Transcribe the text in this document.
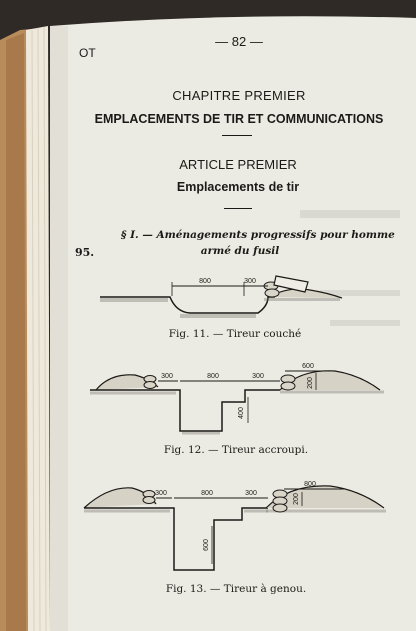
OT
— 82 —
CHAPITRE PREMIER
EMPLACEMENTS DE TIR ET COMMUNICATIONS
ARTICLE PREMIER
Emplacements de tir
§ I. — Aménagements progressifs pour homme
armé du fusil
95.
800	300
Fig. 11. — Tireur couché
300	800	300
600
400
200
Fig. 12. — Tireur accroupi.
300	800	300
800
600
200
Fig. 13. — Tireur à genou.
